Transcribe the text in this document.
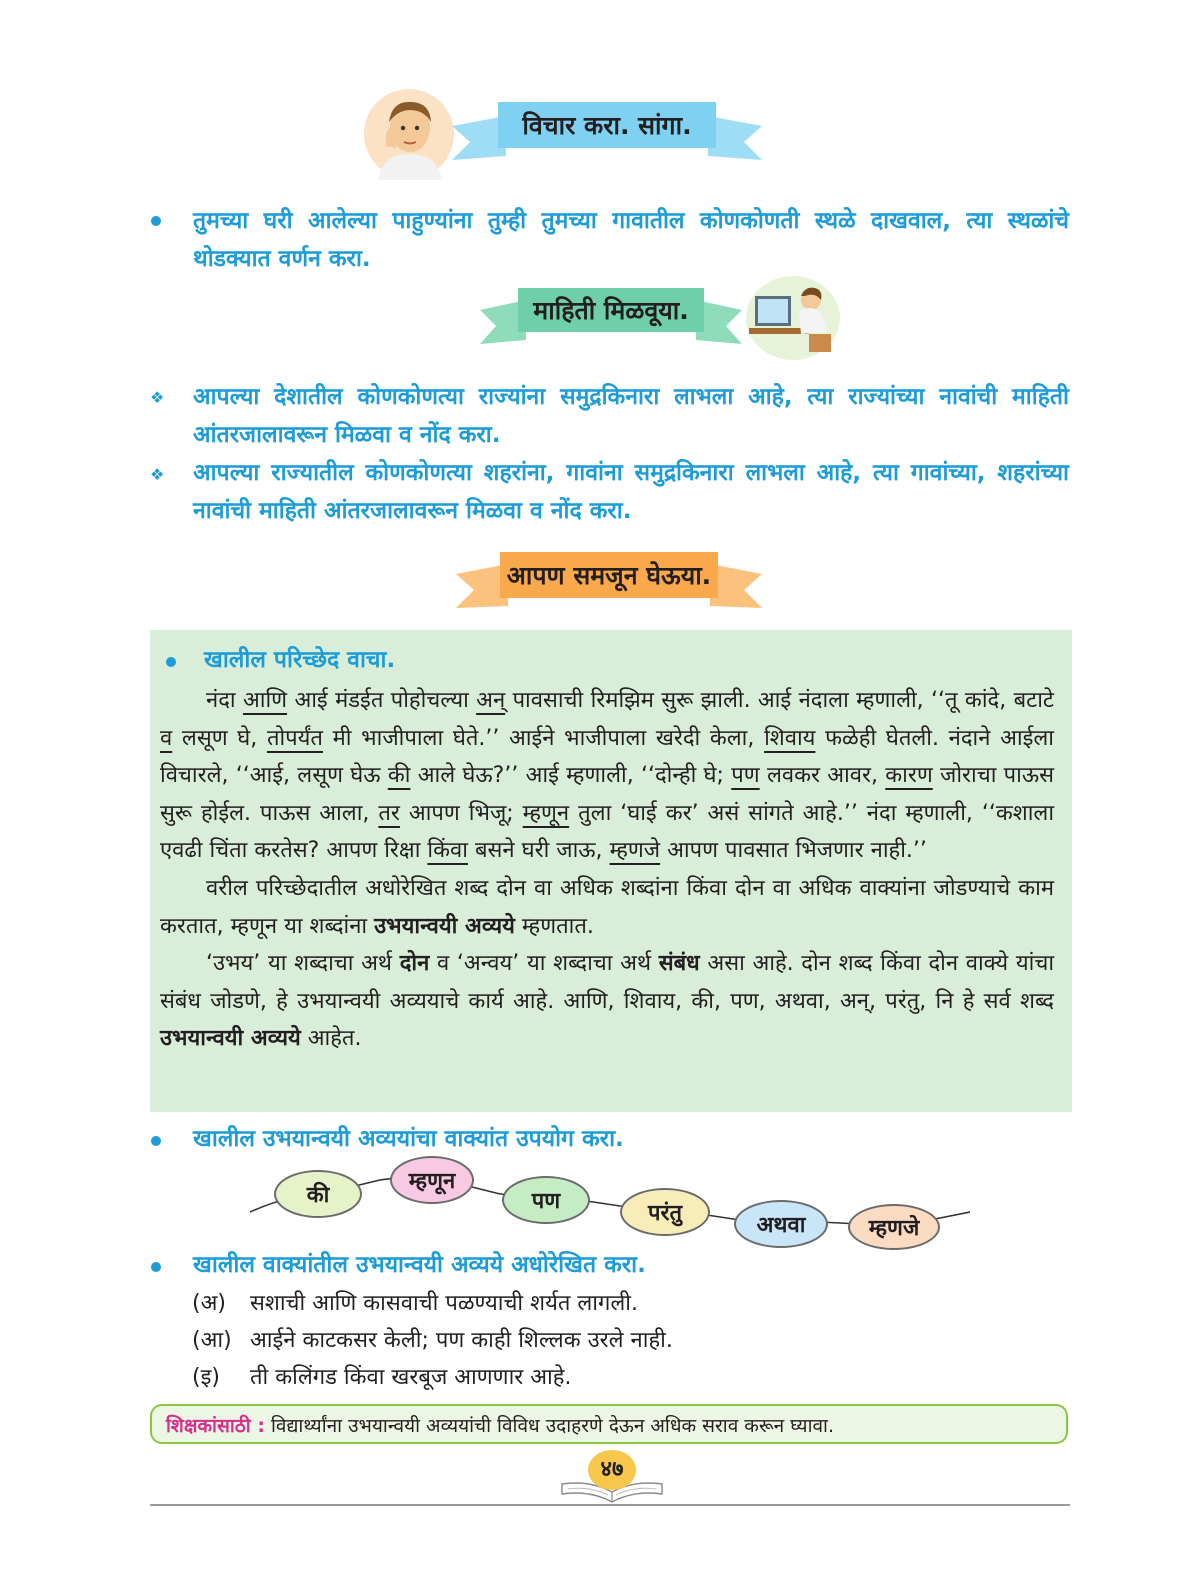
विचार करा. सांगा.
तुमच्या घरी आलेल्या पाहुण्यांना तुम्ही तुमच्या गावातील कोणकोणती स्थळे दाखवाल, त्या स्थळांचे थोडक्यात वर्णन करा.
माहिती मिळवूया.
❖ आपल्या देशातील कोणकोणत्या राज्यांना समुद्रकिनारा लाभला आहे, त्या राज्यांच्या नावांची माहिती आंतरजालावरून मिळवा व नोंद करा.
❖ आपल्या राज्यातील कोणकोणत्या शहरांना, गावांना समुद्रकिनारा लाभला आहे, त्या गावांच्या, शहरांच्या नावांची माहिती आंतरजालावरून मिळवा व नोंद करा.
आपण समजून घेऊया.
खालील परिच्छेद वाचा.

नंदा आणि आई मंडईत पोहोचल्या अन् पावसाची रिमझिम सुरू झाली. आई नंदाला म्हणाली, ‘‘तू कांदे, बटाटे व लसूण घे, तोपर्यंत मी भाजीपाला घेते.’’ आईने भाजीपाला खरेदी केला, शिवाय फळेही घेतली. नंदाने आईला विचारले, ‘‘आई, लसूण घेऊ की आले घेऊ?’’ आई म्हणाली, ‘‘दोन्ही घे; पण लवकर आवर, कारण जोराचा पाऊस सुरू होईल. पाऊस आला, तर आपण भिजू; म्हणून तुला ‘घाई कर’ असं सांगते आहे.’’ नंदा म्हणाली, ‘‘कशाला एवढी चिंता करतेस? आपण रिक्षा किंवा बसने घरी जाऊ, म्हणजे आपण पावसात भिजणार नाही.’’

वरील परिच्छेदातील अधोरेखित शब्द दोन वा अधिक शब्दांना किंवा दोन वा अधिक वाक्यांना जोडण्याचे काम करतात, म्हणून या शब्दांना उभयान्वयी अव्यये म्हणतात.

‘उभय’ या शब्दाचा अर्थ दोन व ‘अन्वय’ या शब्दाचा अर्थ संबंध असा आहे. दोन शब्द किंवा दोन वाक्ये यांचा संबंध जोडणे, हे उभयान्वयी अव्ययाचे कार्य आहे. आणि, शिवाय, की, पण, अथवा, अन्, परंतु, नि हे सर्व शब्द उभयान्वयी अव्यये आहेत.

खालील उभयान्वयी अव्ययांचा वाक्यांत उपयोग करा.
की
म्हणून
पण	परंतु	अथवा	म्हणजे
खालील वाक्यांतील उभयान्वयी अव्यये अधोरेखित करा.
(अ) सशाची आणि कासवाची पळण्याची शर्यत लागली.
(आ) आईने काटकसर केली; पण काही शिल्लक उरले नाही.
(इ) ती कलिंगड किंवा खरबूज आणणार आहे.
शिक्षकांसाठी : विद्यार्थ्यांना उभयान्वयी अव्ययांची विविध उदाहरणे देऊन अधिक सराव करून घ्यावा.
४७
